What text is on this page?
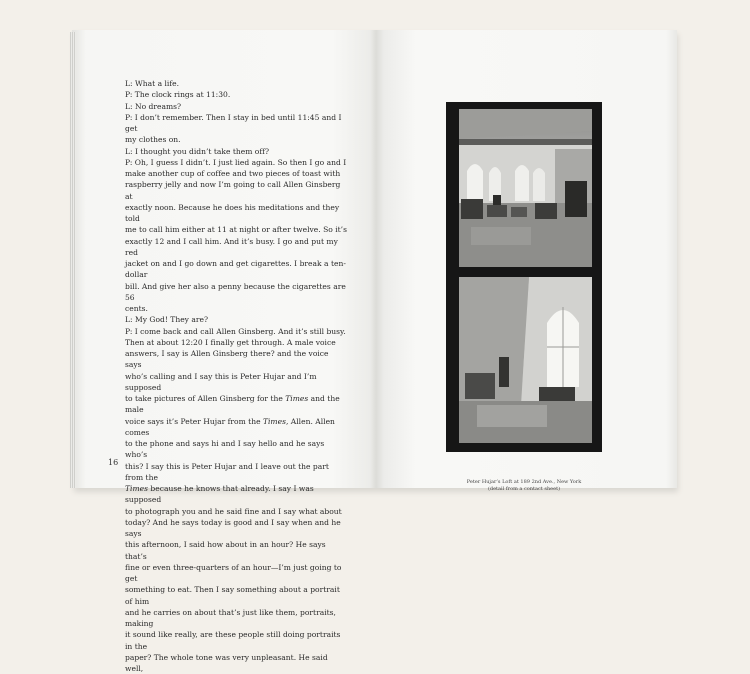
L: What a life.

P: The clock rings at 11:30.

L: No dreams?

P: I don’t remember. Then I stay in bed until 11:45 and I get

my clothes on.

L: I thought you didn’t take them off?

P: Oh, I guess I didn’t. I just lied again. So then I go and I

make another cup of coffee and two pieces of toast with

raspberry jelly and now I’m going to call Allen Ginsberg at

exactly noon. Because he does his meditations and they told

me to call him either at 11 at night or after twelve. So it’s

exactly 12 and I call him. And it’s busy. I go and put my red

jacket on and I go down and get cigarettes. I break a ten-dollar

bill. And give her also a penny because the cigarettes are 56

cents.

L: My God! They are?

P: I come back and call Allen Ginsberg. And it’s still busy.

Then at about 12:20 I finally get through. A male voice

answers, I say is Allen Ginsberg there? and the voice says

who’s calling and I say this is Peter Hujar and I’m supposed

to take pictures of Allen Ginsberg for the Times and the male

voice says it’s Peter Hujar from the Times, Allen. Allen comes

to the phone and says hi and I say hello and he says who’s

this? I say this is Peter Hujar and I leave out the part from the

Times because he knows that already. I say I was supposed

to photograph you and he said fine and I say what about

today? And he says today is good and I say when and he says

this afternoon, I said how about in an hour? He says that’s

fine or even three-quarters of an hour—I’m just going to get

something to eat. Then I say something about a portrait of him

and he carries on about that’s just like them, portraits, making

it sound like really, are these people still doing portraits in the

paper? The whole tone was very unpleasant. He said well,

16
Peter Hujar’s Loft at 189 2nd Ave., New York
(detail from a contact sheet)
